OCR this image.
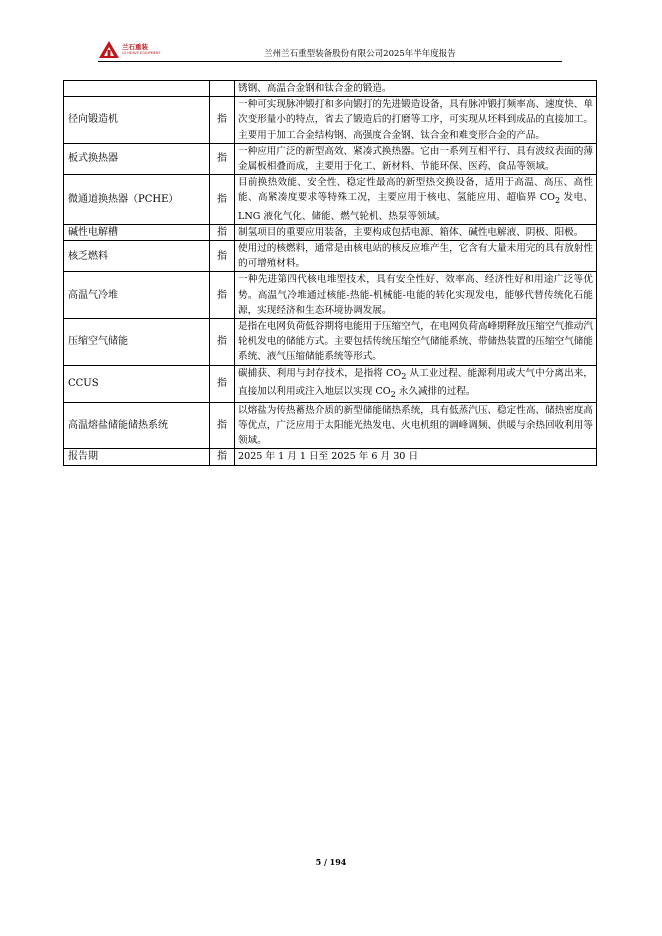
兰石重装
LS HEAVY EQUIPMENT	兰州兰石重型装备股份有限公司2025年半年度报告
		锈钢、高温合金钢和钛合金的锻造。
径向锻造机	指	一种可实现脉冲锻打和多向锻打的先进锻造设备，具有脉冲锻打频率高、速度快、单次变形量小的特点，省去了锻造后的打磨等工序，可实现从坯料到成品的直接加工。主要用于加工合金结构钢、高强度合金钢、钛合金和难变形合金的产品。
板式换热器	指	一种应用广泛的新型高效、紧凑式换热器。它由一系列互相平行、具有波纹表面的薄金属板相叠而成，主要用于化工、新材料、节能环保、医药、食品等领域。
微通道换热器（PCHE）	指	目前换热效能、安全性、稳定性最高的新型热交换设备，适用于高温、高压、高性能、高紧凑度要求等特殊工况，主要应用于核电、氢能应用、超临界 $CO_2$ 发电、LNG 液化气化、储能、燃气轮机、热泵等领域。
碱性电解槽	指	制氢项目的重要应用装备，主要构成包括电源、箱体、碱性电解液、阴极、阳极。
核乏燃料	指	使用过的核燃料，通常是由核电站的核反应堆产生，它含有大量未用完的具有放射性的可增殖材料。
高温气冷堆	指	一种先进第四代核电堆型技术，具有安全性好、效率高、经济性好和用途广泛等优势。高温气冷堆通过核能-热能-机械能-电能的转化实现发电，能够代替传统化石能源，实现经济和生态环境协调发展。
压缩空气储能	指	是指在电网负荷低谷期将电能用于压缩空气，在电网负荷高峰期释放压缩空气推动汽轮机发电的储能方式。主要包括传统压缩空气储能系统、带储热装置的压缩空气储能系统、液气压缩储能系统等形式。
CCUS	指	碳捕获、利用与封存技术，是指将 $CO_2$ 从工业过程、能源利用或大气中分离出来，直接加以利用或注入地层以实现 $CO_2$ 永久减排的过程。
高温熔盐储能储热系统	指	以熔盐为传热蓄热介质的新型储能储热系统，具有低蒸汽压、稳定性高、储热密度高等优点，广泛应用于太阳能光热发电、火电机组的调峰调频、供暖与余热回收利用等领域。
报告期	指	2025 年 1 月 1 日至 2025 年 6 月 30 日
5 / 194
